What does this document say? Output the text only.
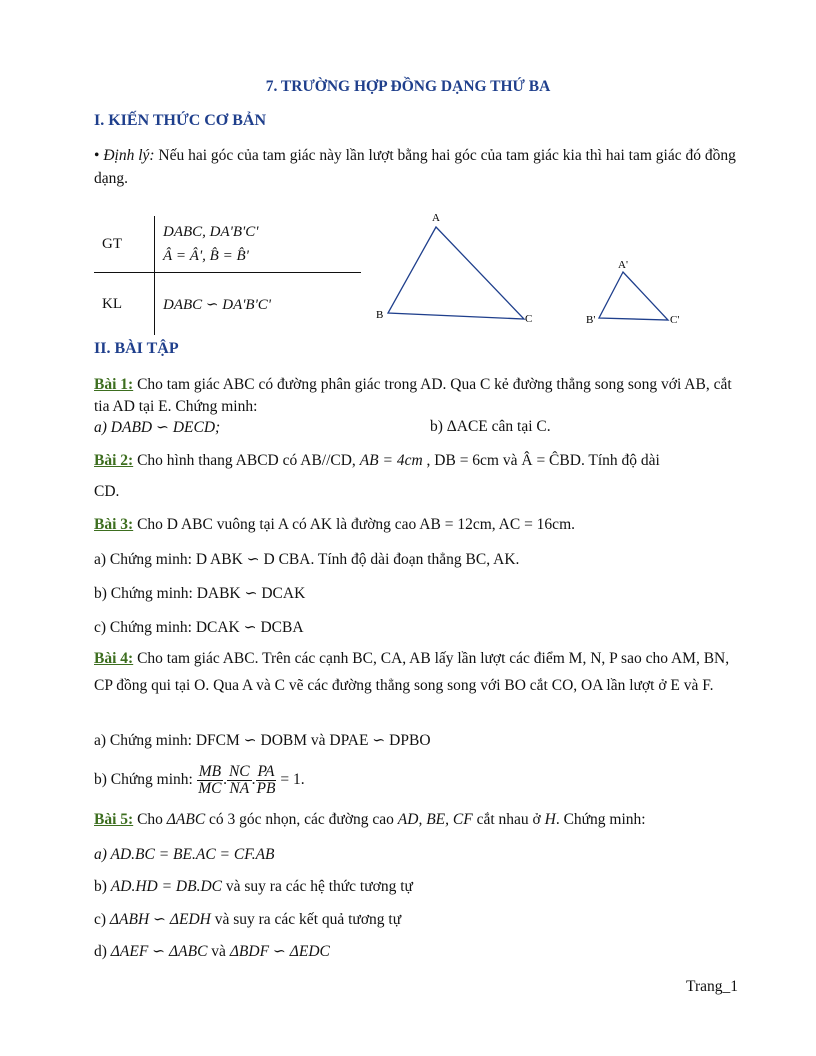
7. TRƯỜNG HỢP ĐỒNG DẠNG THỨ BA
I. KIẾN THỨC CƠ BẢN
• Định lý: Nếu hai góc của tam giác này lần lượt bằng hai góc của tam giác kia thì hai tam giác đó đồng dạng.
GT	DABC, DA'B'C'
Â = Â', B̂ = B̂'

KL	DABC ∽ DA'B'C'
A
B	C
A'
B'	C'
II. BÀI TẬP
Bài 1: Cho tam giác ABC có đường phân giác trong AD. Qua C kẻ đường thẳng song song với AB, cắt tia AD tại E. Chứng minh:
a) DABD ∽ DECD;	b) ΔACE cân tại C.
Bài 2: Cho hình thang ABCD có AB//CD, AB = 4cm , DB = 6cm và Â = ĈBD. Tính độ dài
CD.
Bài 3: Cho D ABC vuông tại A có AK là đường cao AB = 12cm, AC = 16cm.
a) Chứng minh: D ABK ∽ D CBA. Tính độ dài đoạn thẳng BC, AK.
b) Chứng minh: DABK ∽ DCAK
c) Chứng minh: DCAK ∽ DCBA
Bài 4: Cho tam giác ABC. Trên các cạnh BC, CA, AB lấy lần lượt các điểm M, N, P sao cho AM, BN, CP đồng qui tại O. Qua A và C vẽ các đường thẳng song song với BO cắt CO, OA lần lượt ở E và F.
a) Chứng minh: DFCM ∽ DOBM và DPAE ∽ DPBO
b) Chứng minh: $\frac{MB}{MC}$ . $\frac{NC}{NA}$ . $\frac{PA}{PB} = 1$.
Bài 5: Cho ΔABC có 3 góc nhọn, các đường cao AD, BE, CF cắt nhau ở H. Chứng minh:
a) AD.BC = BE.AC = CF.AB
b) AD.HD = DB.DC và suy ra các hệ thức tương tự
c) ΔABH ∽ ΔEDH và suy ra các kết quả tương tự
d) ΔAEF ∽ ΔABC và ΔBDF ∽ ΔEDC
Trang_1
